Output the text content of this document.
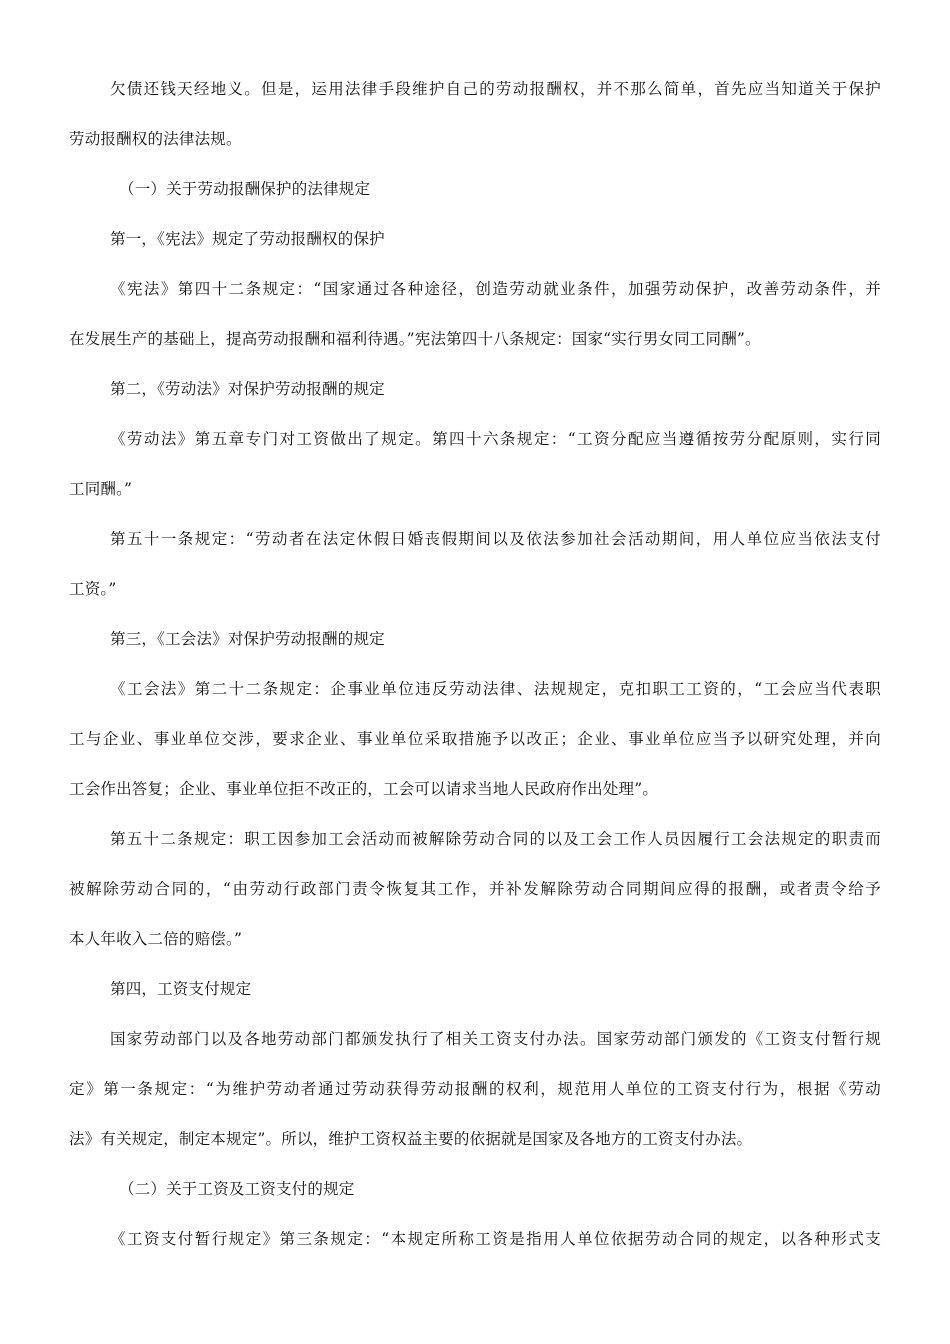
欠债还钱天经地义。但是，运用法律手段维护自己的劳动报酬权，并不那么简单，首先应当知道关于保护
劳动报酬权的法律法规。
（一）关于劳动报酬保护的法律规定
第一，《宪法》规定了劳动报酬权的保护
《宪法》第四十二条规定：“国家通过各种途径，创造劳动就业条件，加强劳动保护，改善劳动条件，并
在发展生产的基础上，提高劳动报酬和福利待遇。”宪法第四十八条规定：国家“实行男女同工同酬”。
第二，《劳动法》对保护劳动报酬的规定
《劳动法》第五章专门对工资做出了规定。第四十六条规定：“工资分配应当遵循按劳分配原则，实行同
工同酬。”
第五十一条规定：“劳动者在法定休假日婚丧假期间以及依法参加社会活动期间，用人单位应当依法支付
工资。”
第三，《工会法》对保护劳动报酬的规定
《工会法》第二十二条规定：企事业单位违反劳动法律、法规规定，克扣职工工资的，“工会应当代表职
工与企业、事业单位交涉，要求企业、事业单位采取措施予以改正；企业、事业单位应当予以研究处理，并向
工会作出答复；企业、事业单位拒不改正的，工会可以请求当地人民政府作出处理”。
第五十二条规定：职工因参加工会活动而被解除劳动合同的以及工会工作人员因履行工会法规定的职责而
被解除劳动合同的，“由劳动行政部门责令恢复其工作，并补发解除劳动合同期间应得的报酬，或者责令给予
本人年收入二倍的赔偿。”
第四，工资支付规定
国家劳动部门以及各地劳动部门都颁发执行了相关工资支付办法。国家劳动部门颁发的《工资支付暂行规
定》第一条规定：“为维护劳动者通过劳动获得劳动报酬的权利，规范用人单位的工资支付行为，根据《劳动
法》有关规定，制定本规定”。所以，维护工资权益主要的依据就是国家及各地方的工资支付办法。
（二）关于工资及工资支付的规定
《工资支付暂行规定》第三条规定：“本规定所称工资是指用人单位依据劳动合同的规定，以各种形式支
